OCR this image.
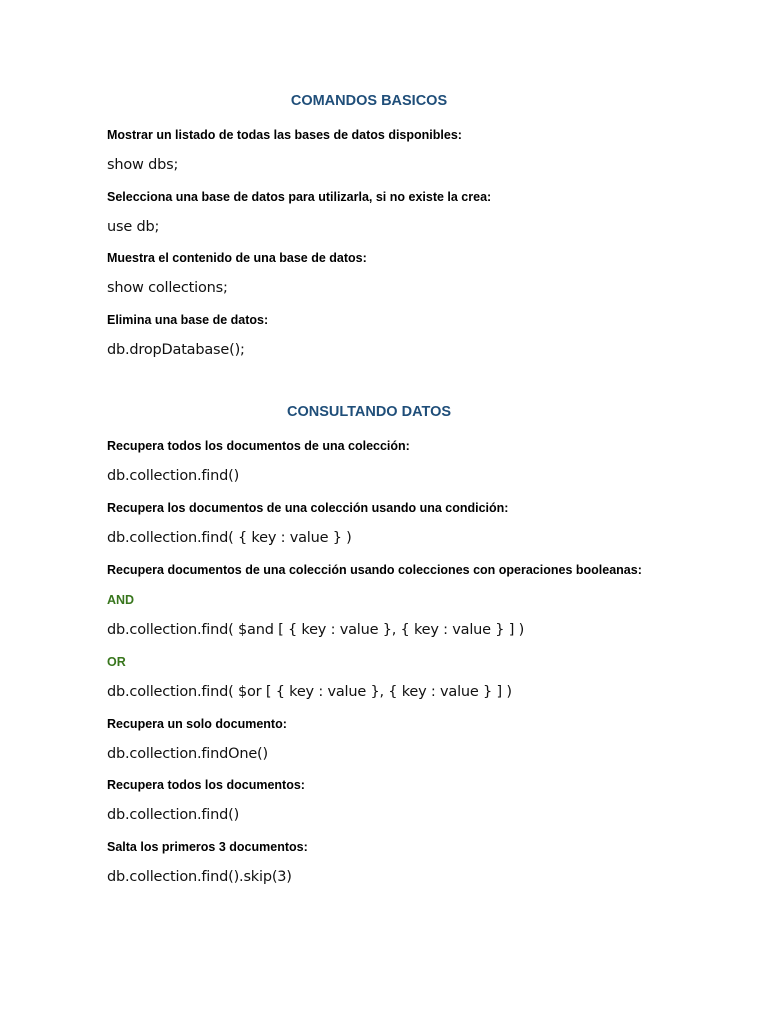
COMANDOS BASICOS

Mostrar un listado de todas las bases de datos disponibles:

show dbs;

Selecciona una base de datos para utilizarla, si no existe la crea:

use db;

Muestra el contenido de una base de datos:

show collections;

Elimina una base de datos:

db.dropDatabase();

CONSULTANDO DATOS

Recupera todos los documentos de una colección:

db.collection.find()

Recupera los documentos de una colección usando una condición:

db.collection.find( { key : value } )

Recupera documentos de una colección usando colecciones con operaciones booleanas:

AND

db.collection.find( $and [ { key : value }, { key : value } ] )

OR

db.collection.find( $or [ { key : value }, { key : value } ] )

Recupera un solo documento:

db.collection.findOne()

Recupera todos los documentos:

db.collection.find()

Salta los primeros 3 documentos:

db.collection.find().skip(3)
